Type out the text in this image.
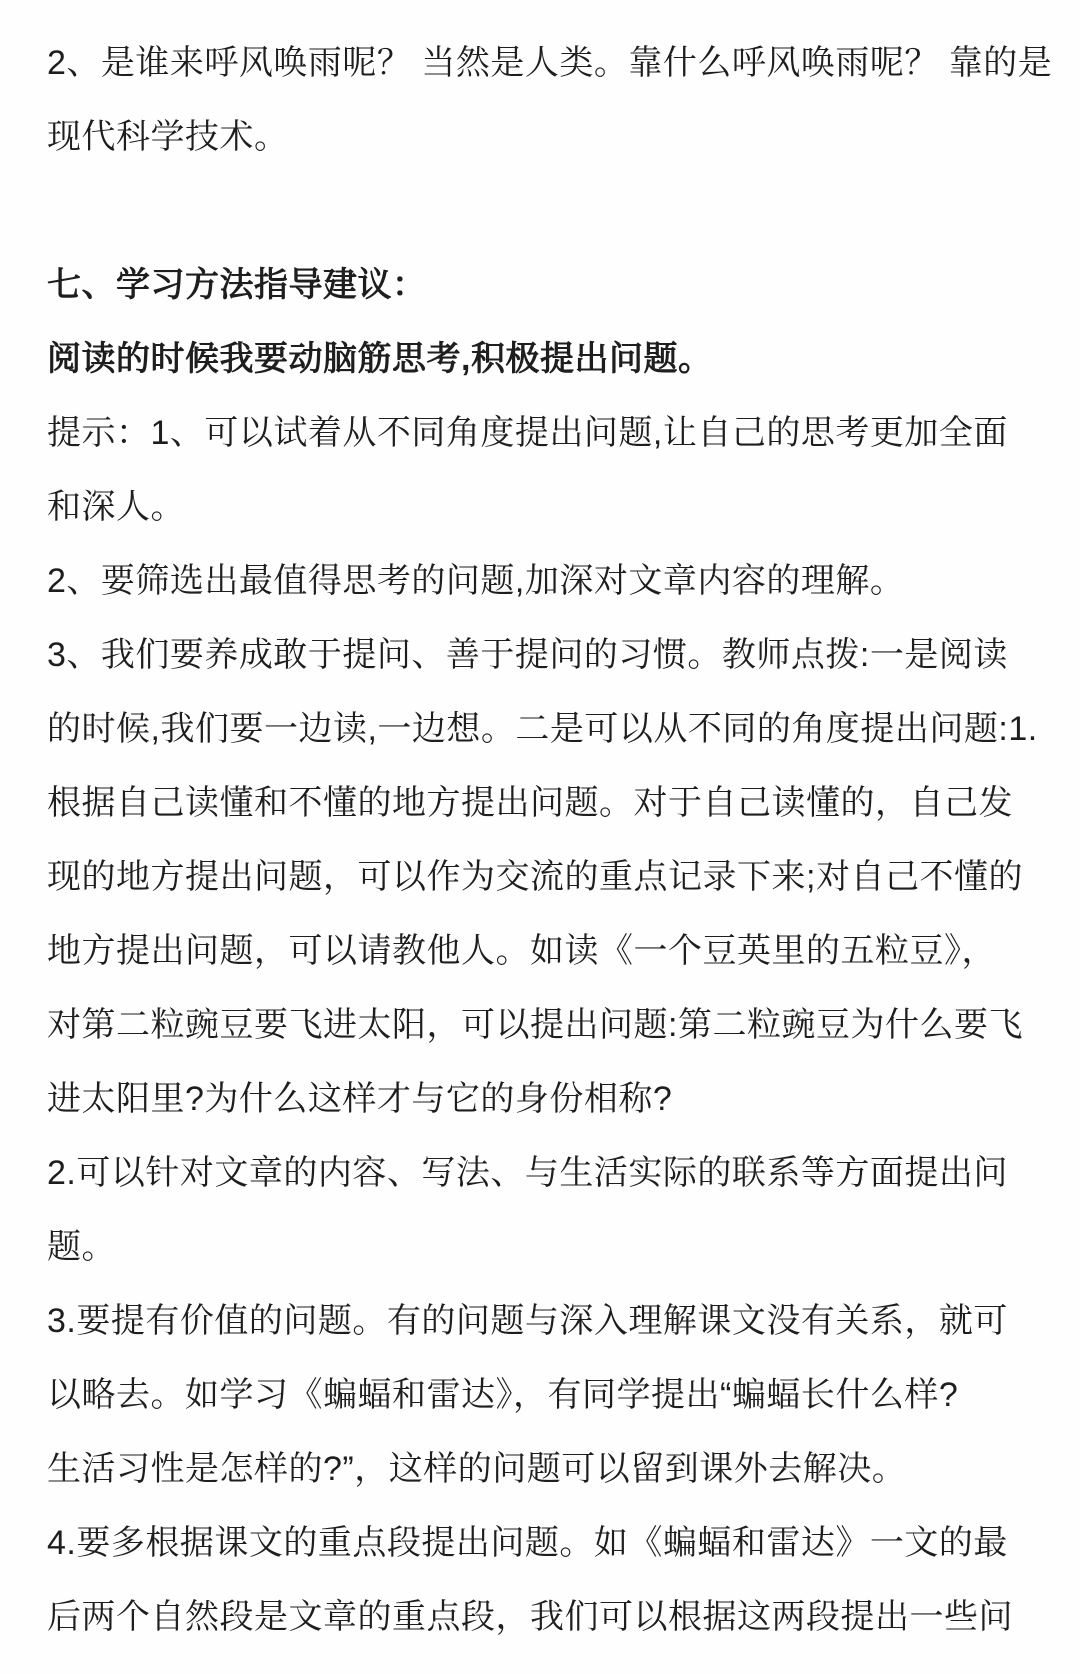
2、是谁来呼风唤雨呢？ 当然是人类。靠什么呼风唤雨呢？ 靠的是

现代科学技术。

七、学习方法指导建议：

阅读的时候我要动脑筋思考,积极提出问题。

提示：1、可以试着从不同角度提出问题,让自己的思考更加全面

和深人。

2、要筛选出最值得思考的问题,加深对文章内容的理解。

3、我们要养成敢于提问、善于提问的习惯。教师点拨:一是阅读

的时候,我们要一边读,一边想。二是可以从不同的角度提出问题:1.

根据自己读懂和不懂的地方提出问题。对于自己读懂的，自己发

现的地方提出问题，可以作为交流的重点记录下来;对自己不懂的

地方提出问题，可以请教他人。如读《一个豆英里的五粒豆》，

对第二粒豌豆要飞进太阳，可以提出问题:第二粒豌豆为什么要飞

进太阳里?为什么这样才与它的身份相称?

2.可以针对文章的内容、写法、与生活实际的联系等方面提出问

题。

3.要提有价值的问题。有的问题与深入理解课文没有关系，就可

以略去。如学习《蝙蝠和雷达》，有同学提出“蝙蝠长什么样?

生活习性是怎样的?”，这样的问题可以留到课外去解决。

4.要多根据课文的重点段提出问题。如《蝙蝠和雷达》一文的最

后两个自然段是文章的重点段，我们可以根据这两段提出一些问
